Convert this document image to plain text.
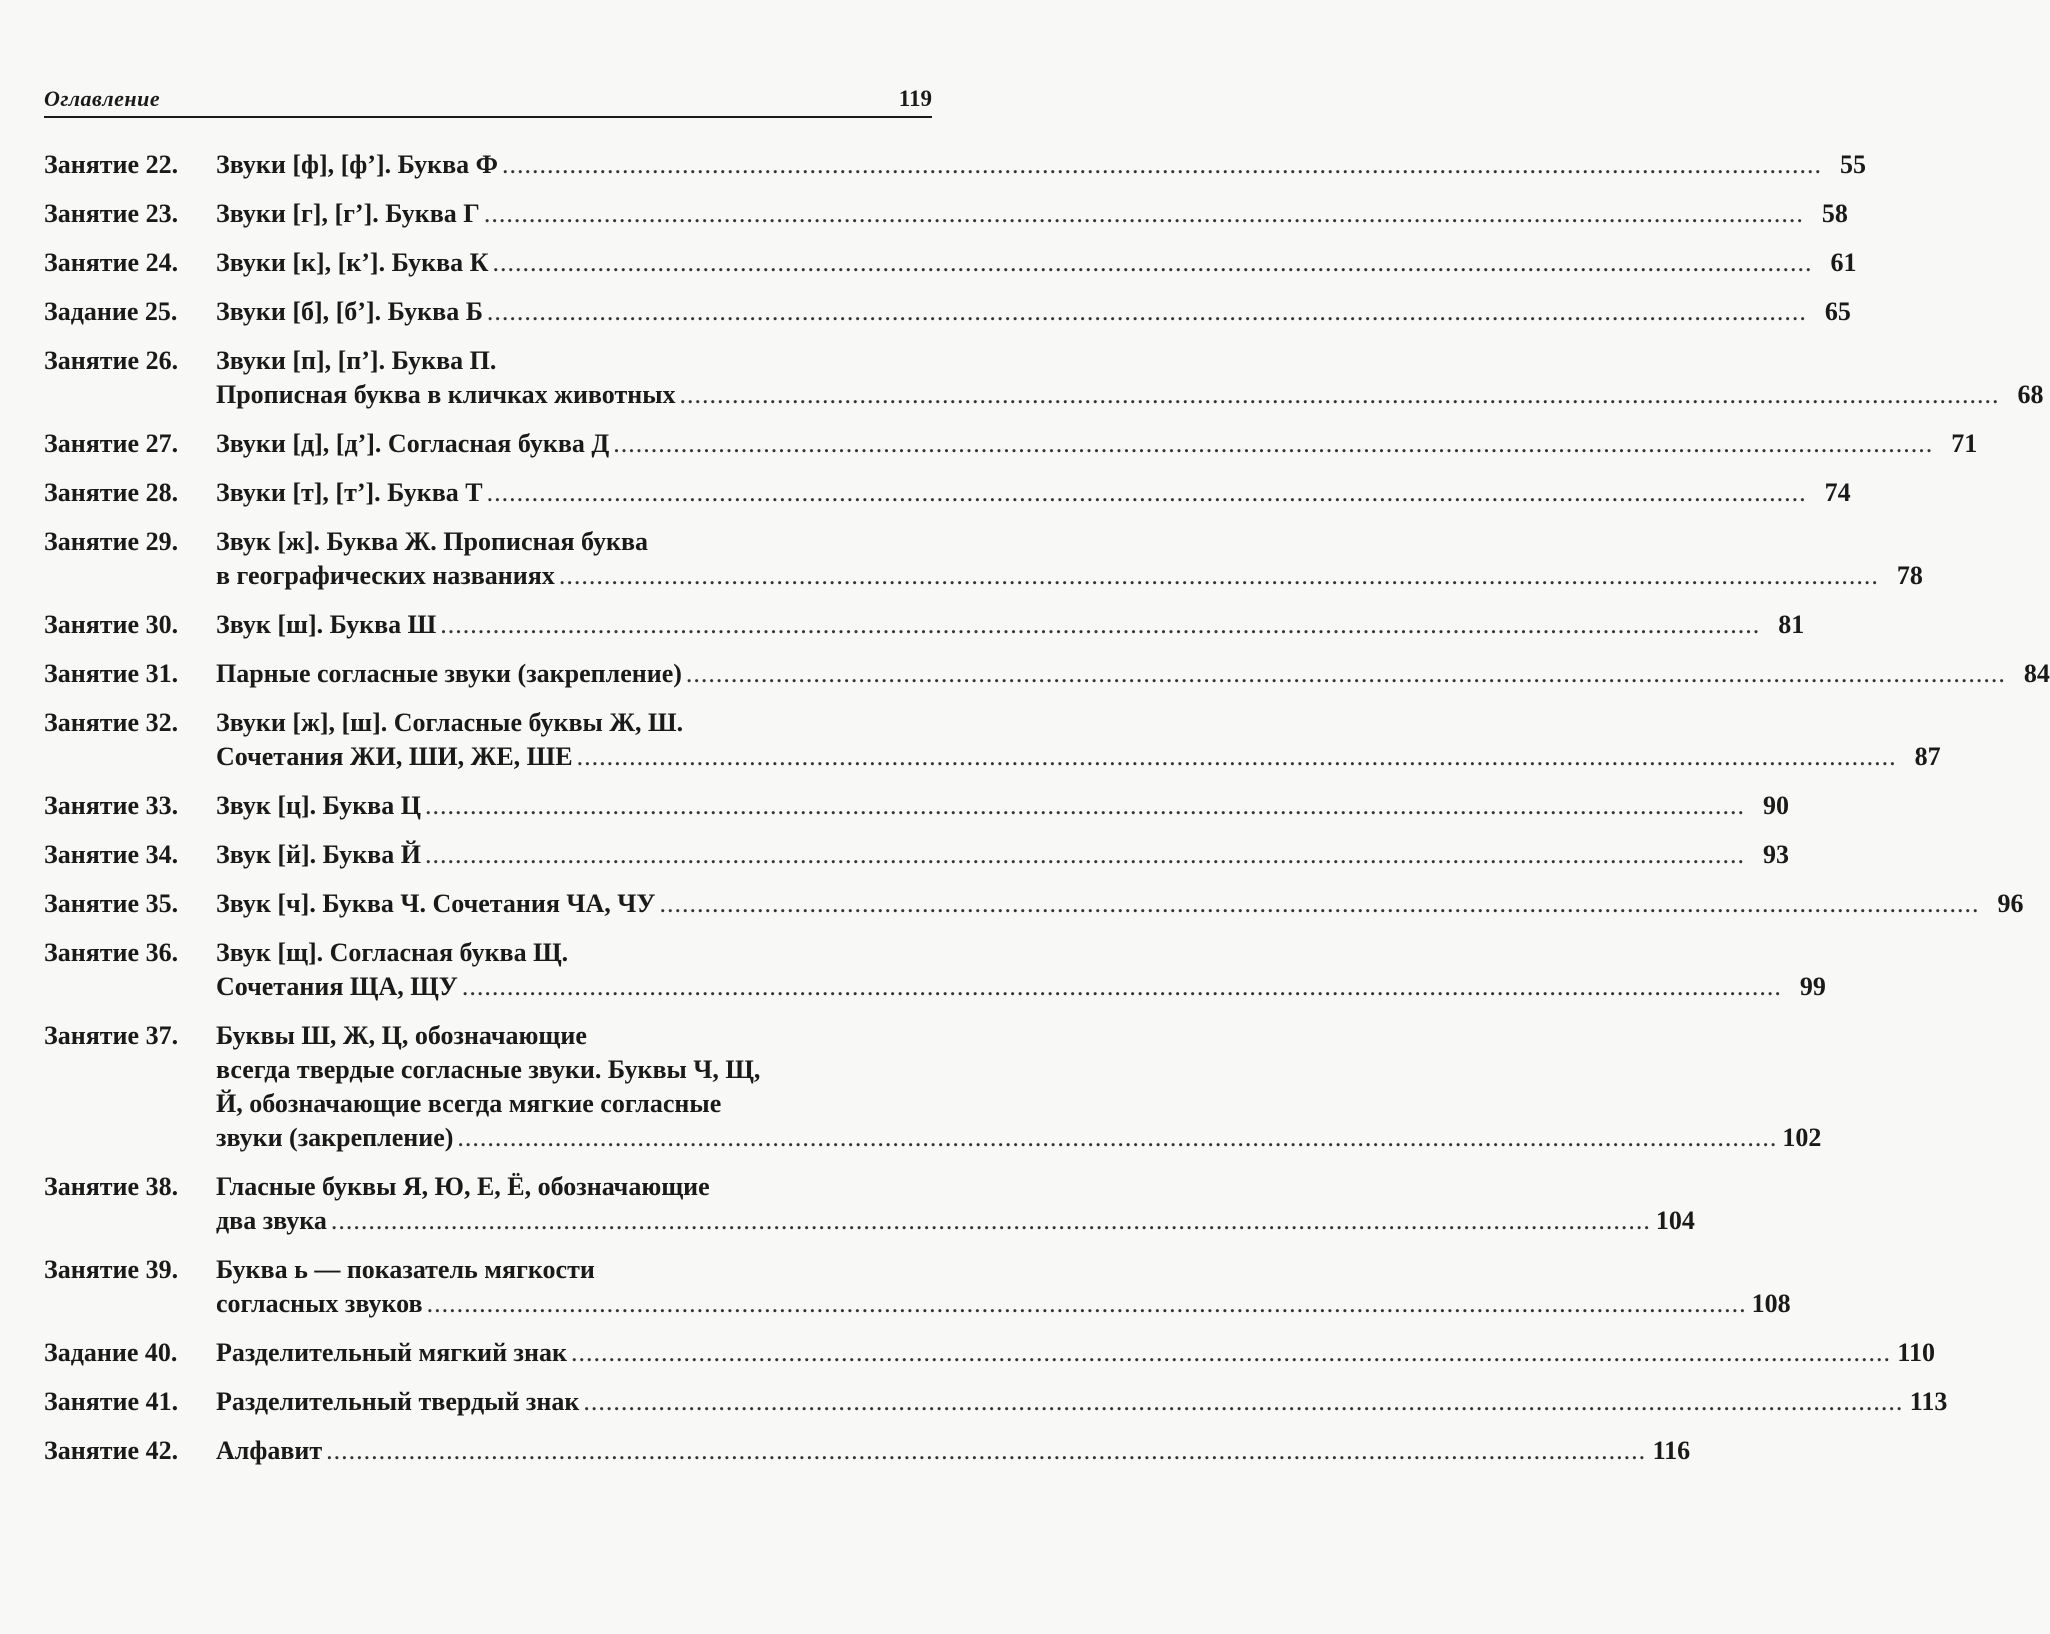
Оглавление	119
Занятие 22.	Звуки [ф], [ф’]. Буква Ф .....	55
Занятие 23.	Звуки [г], [г’]. Буква Г .....	58
Занятие 24.	Звуки [к], [к’]. Буква К .....	61
Задание 25.	Звуки [б], [б’]. Буква Б .....	65
Занятие 26.	Звуки [п], [п’]. Буква П.
Прописная буква в кличках животных .....	68
Занятие 27.	Звуки [д], [д’]. Согласная буква Д .....	71
Занятие 28.	Звуки [т], [т’]. Буква Т .....	74
Занятие 29.	Звук [ж]. Буква Ж. Прописная буква
в географических названиях .....	78
Занятие 30.	Звук [ш]. Буква Ш .....	81
Занятие 31.	Парные согласные звуки (закрепление) .....	84
Занятие 32.	Звуки [ж], [ш]. Согласные буквы Ж, Ш.
Сочетания ЖИ, ШИ, ЖЕ, ШЕ .....	87
Занятие 33.	Звук [ц]. Буква Ц .....	90
Занятие 34.	Звук [й]. Буква Й .....	93
Занятие 35.	Звук [ч]. Буква Ч. Сочетания ЧА, ЧУ .....	96
Занятие 36.	Звук [щ]. Согласная буква Щ.
Сочетания ЩА, ЩУ .....	99
Занятие 37.	Буквы Ш, Ж, Ц, обозначающие
всегда твердые согласные звуки. Буквы Ч, Щ,
Й, обозначающие всегда мягкие согласные
звуки (закрепление) .....	102
Занятие 38.	Гласные буквы Я, Ю, Е, Ё, обозначающие
два звука .....	104
Занятие 39.	Буква ь — показатель мягкости
согласных звуков .....	108
Задание 40.	Разделительный мягкий знак .....	110
Занятие 41.	Разделительный твердый знак .....	113
Занятие 42.	Алфавит .....	116
